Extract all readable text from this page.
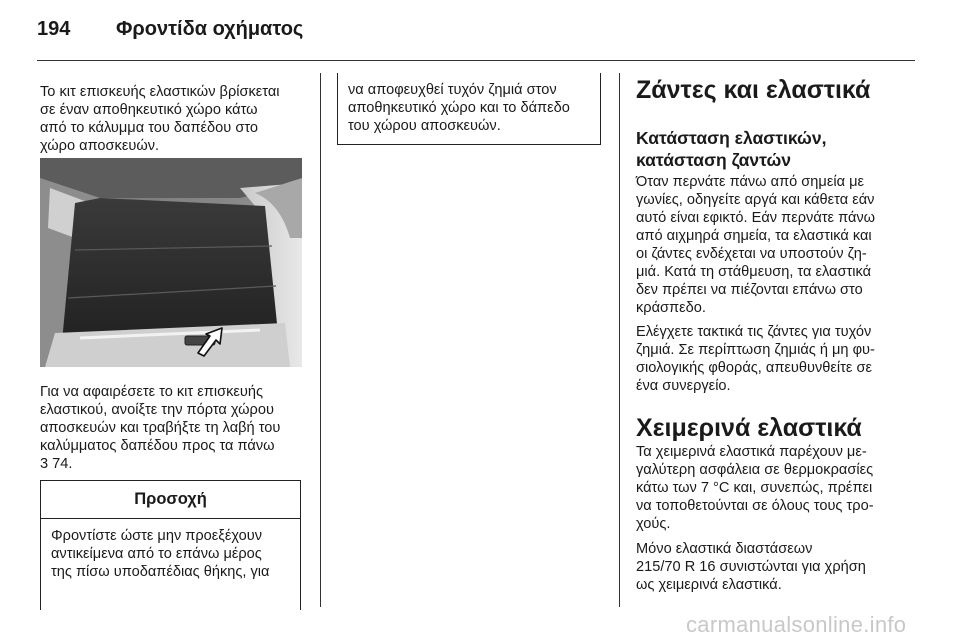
194 Φροντίδα οχήματος

Το κιτ επισκευής ελαστικών βρίσκεται

σε έναν αποθηκευτικό χώρο κάτω

από το κάλυμμα του δαπέδου στο

χώρο αποσκευών.

Για να αφαιρέσετε το κιτ επισκευής

ελαστικού, ανοίξτε την πόρτα χώρου

αποσκευών και τραβήξτε τη λαβή του

καλύμματος δαπέδου προς τα πάνω

3 74.

Προσοχή

Φροντίστε ώστε μην προεξέχουν

αντικείμενα από το επάνω μέρος

της πίσω υποδαπέδιας θήκης, για

να αποφευχθεί τυχόν ζημιά στον

αποθηκευτικό χώρο και το δάπεδο

του χώρου αποσκευών.

Ζάντες και ελαστικά
Κατάσταση ελαστικών,
κατάσταση ζαντών

Όταν περνάτε πάνω από σημεία με

γωνίες, οδηγείτε αργά και κάθετα εάν

αυτό είναι εφικτό. Εάν περνάτε πάνω

από αιχμηρά σημεία, τα ελαστικά και

οι ζάντες ενδέχεται να υποστούν ζη-

μιά. Κατά τη στάθμευση, τα ελαστικά

δεν πρέπει να πιέζονται επάνω στο

κράσπεδο.

Ελέγχετε τακτικά τις ζάντες για τυχόν

ζημιά. Σε περίπτωση ζημιάς ή μη φυ-

σιολογικής φθοράς, απευθυνθείτε σε

ένα συνεργείο.

Χειμερινά ελαστικά

Τα χειμερινά ελαστικά παρέχουν με-

γαλύτερη ασφάλεια σε θερμοκρασίες

κάτω των 7 °C και, συνεπώς, πρέπει

να τοποθετούνται σε όλους τους τρο-

χούς.

Μόνο ελαστικά διαστάσεων

215/70 R 16 συνιστώνται για χρήση

ως χειμερινά ελαστικά.

carmanualsonline.info
